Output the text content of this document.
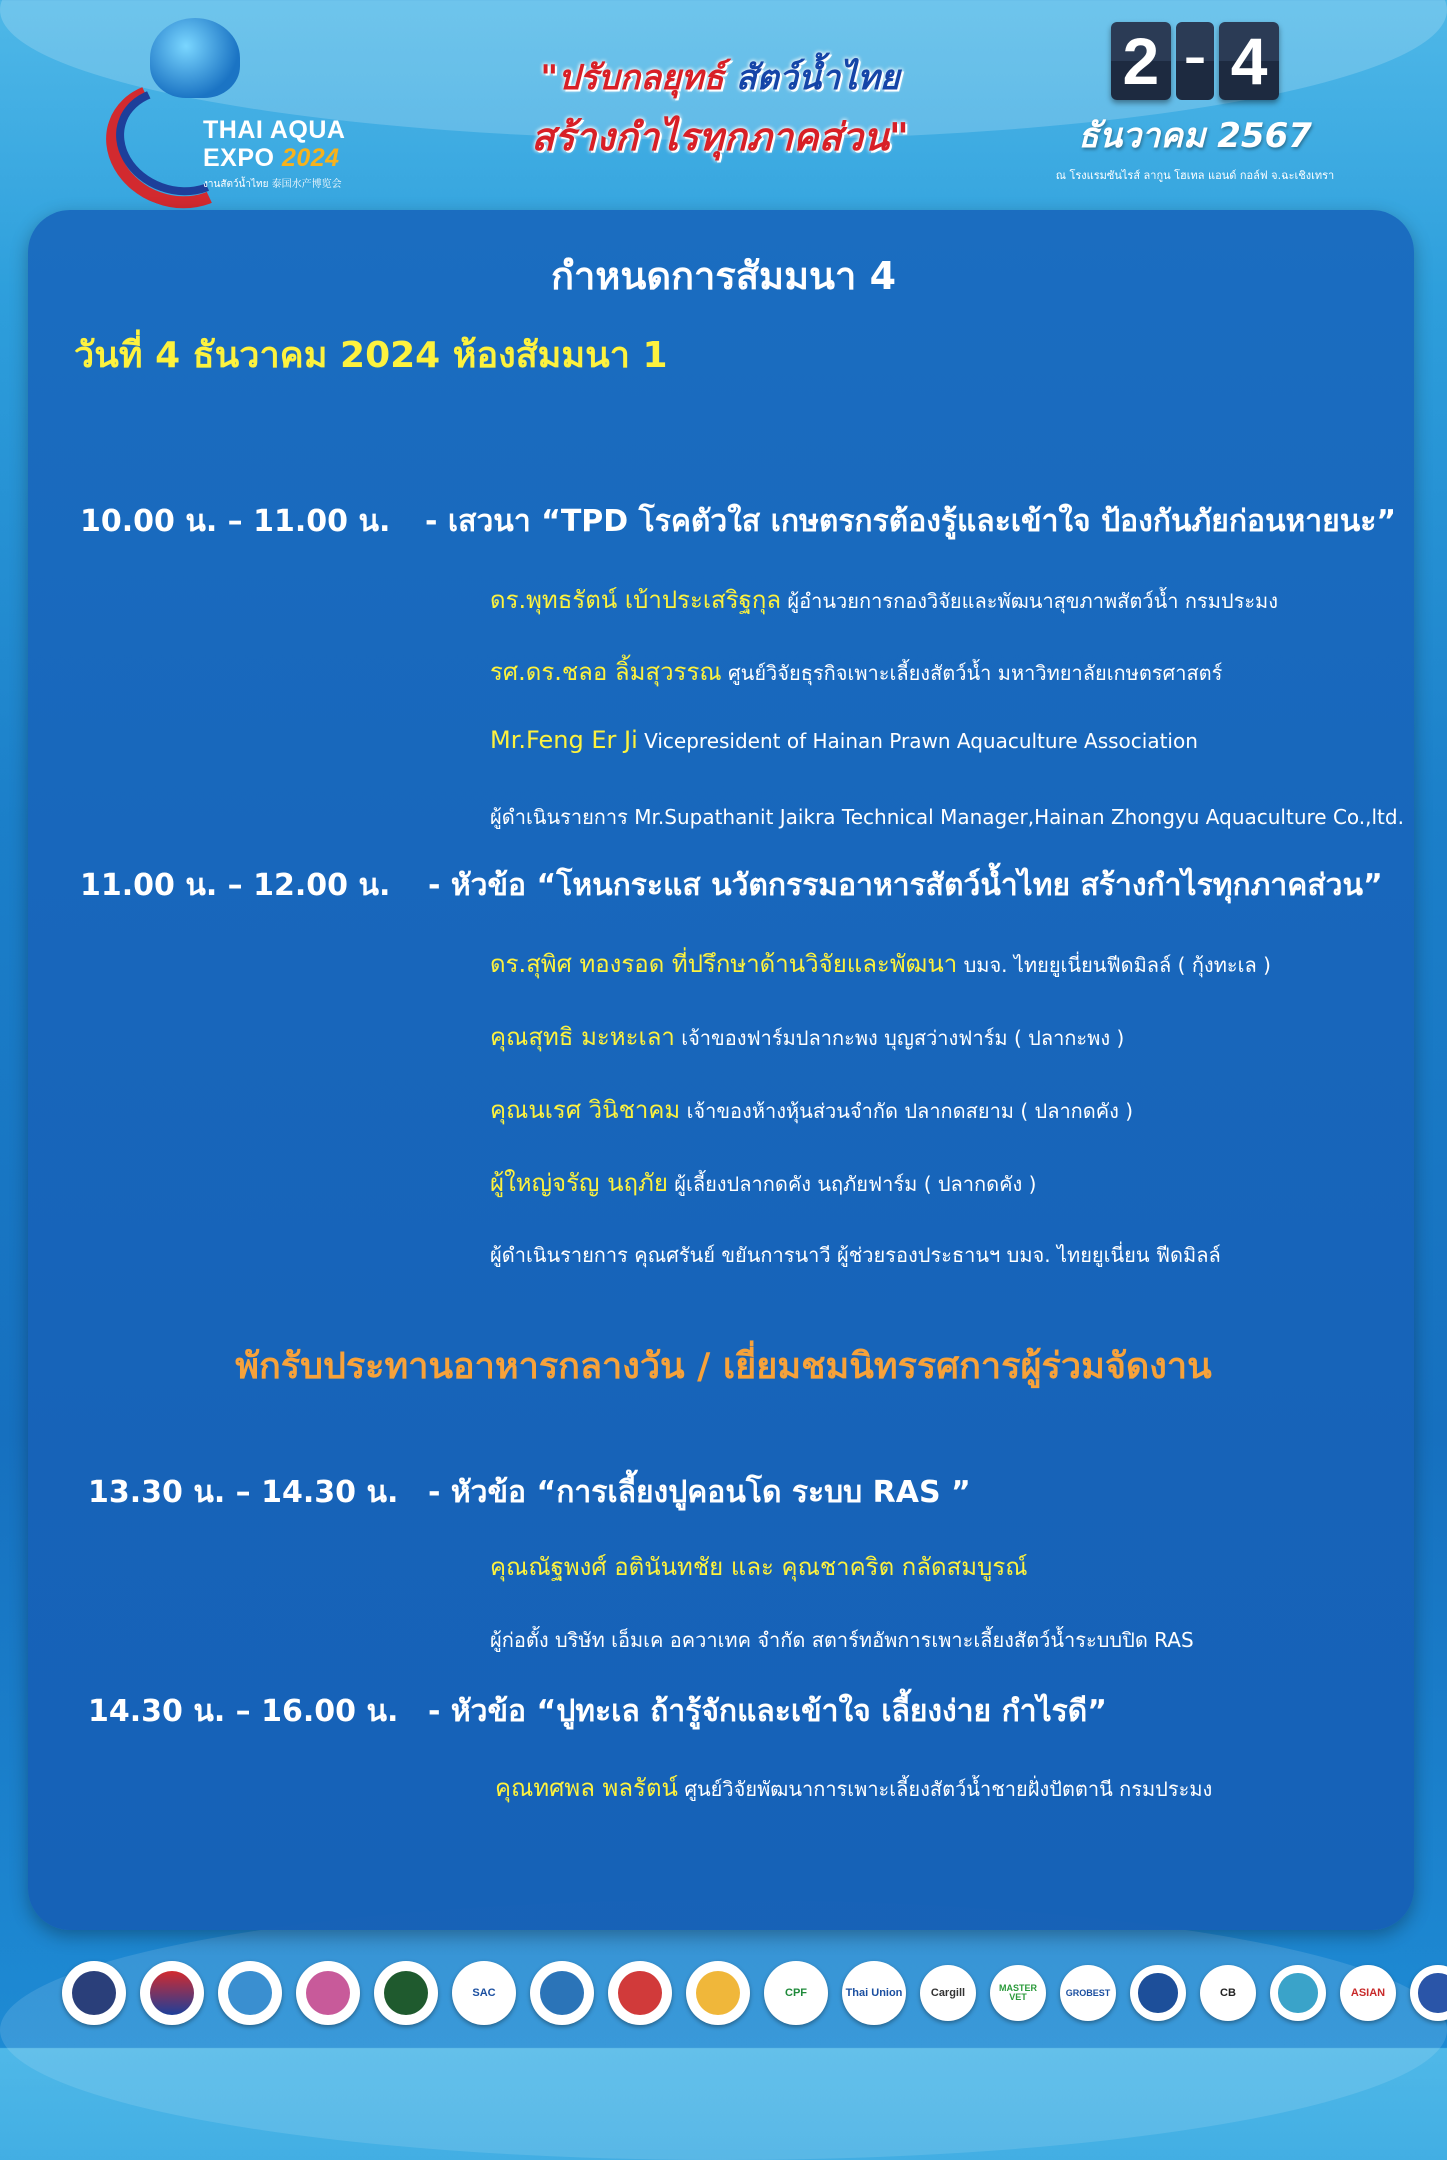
THAI AQUA
EXPO 2024
งานสัตว์น้ำไทย 泰国水产博览会
"ปรับกลยุทธ์ สัตว์น้ำไทย
สร้างกำไรทุกภาคส่วน"
2 – 4
ธันวาคม 2567
ณ โรงแรมซันไรส์ ลากูน โฮเทล แอนด์ กอล์ฟ จ.ฉะเชิงเทรา
กำหนดการสัมมนา 4
วันที่ 4 ธันวาคม 2024 ห้องสัมมนา 1
10.00 น. – 11.00 น. - เสวนา “TPD โรคตัวใส เกษตรกรต้องรู้และเข้าใจ ป้องกันภัยก่อนหายนะ”
ดร.พุทธรัตน์ เบ้าประเสริฐกุล ผู้อำนวยการกองวิจัยและพัฒนาสุขภาพสัตว์น้ำ กรมประมง
รศ.ดร.ชลอ ลิ้มสุวรรณ ศูนย์วิจัยธุรกิจเพาะเลี้ยงสัตว์น้ำ มหาวิทยาลัยเกษตรศาสตร์
Mr.Feng Er Ji Vicepresident of Hainan Prawn Aquaculture Association
ผู้ดำเนินรายการ Mr.Supathanit Jaikra Technical Manager,Hainan Zhongyu Aquaculture Co.,ltd.
11.00 น. – 12.00 น. - หัวข้อ “โหนกระแส นวัตกรรมอาหารสัตว์น้ำไทย สร้างกำไรทุกภาคส่วน”
ดร.สุพิศ ทองรอด ที่ปรึกษาด้านวิจัยและพัฒนา บมจ. ไทยยูเนี่ยนฟีดมิลล์ ( กุ้งทะเล )
คุณสุทธิ มะหะเลา เจ้าของฟาร์มปลากะพง บุญสว่างฟาร์ม ( ปลากะพง )
คุณนเรศ วินิชาคม เจ้าของห้างหุ้นส่วนจำกัด ปลากดสยาม ( ปลากดคัง )
ผู้ใหญ่จรัญ นฤภัย ผู้เลี้ยงปลากดคัง นฤภัยฟาร์ม ( ปลากดคัง )
ผู้ดำเนินรายการ คุณศรันย์ ขยันการนาวี ผู้ช่วยรองประธานฯ บมจ. ไทยยูเนี่ยน ฟีดมิลล์
พักรับประทานอาหารกลางวัน / เยี่ยมชมนิทรรศการผู้ร่วมจัดงาน
13.30 น. – 14.30 น. - หัวข้อ “การเลี้ยงปูคอนโด ระบบ RAS ”
คุณณัฐพงศ์ อตินันทชัย และ คุณชาคริต กลัดสมบูรณ์
ผู้ก่อตั้ง บริษัท เอ็มเค อควาเทค จำกัด สตาร์ทอัพการเพาะเลี้ยงสัตว์น้ำระบบปิด RAS
14.30 น. – 16.00 น. - หัวข้อ “ปูทะเล ถ้ารู้จักและเข้าใจ เลี้ยงง่าย กำไรดี”
คุณทศพล พลรัตน์ ศูนย์วิจัยพัฒนาการเพาะเลี้ยงสัตว์น้ำชายฝั่งปัตตานี กรมประมง
SAC	CPF	Thai Union	Cargill	MASTER VET	GROBEST	CB	ASIAN
